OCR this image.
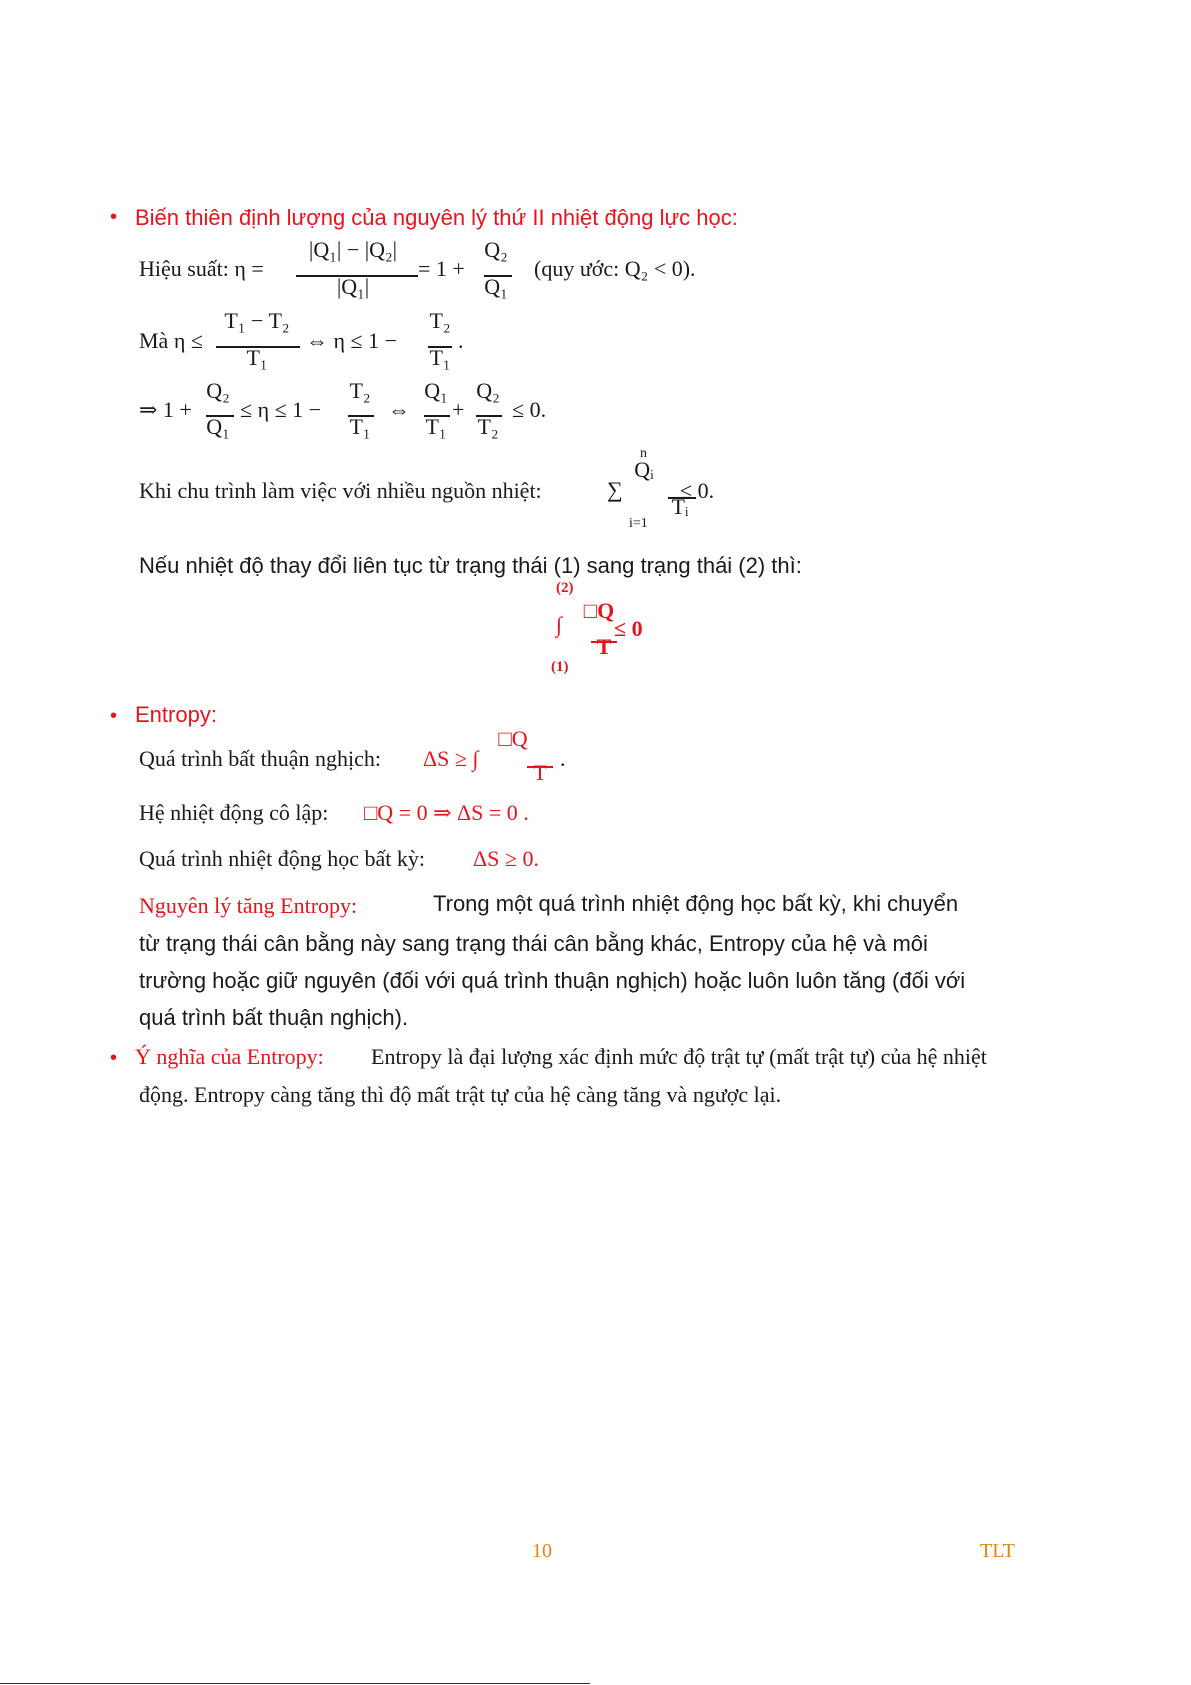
• Biến thiên định lượng của nguyên lý thứ II nhiệt động lực học:
Hiệu suất: η =
|Q₁| − |Q₂|
|Q₁|
= 1 +
Q₂
Q₁
(quy ước: Q₂ < 0).
Mà η ≤
T₁ − T₂
T₁
⇔ η ≤ 1 −
T₂
T₁
.
⇒ 1 +
Q₂
Q₁
≤ η ≤ 1 −
T₂
T₁
⇔
Q₁
T₁
+
Q₂
T₂
≤ 0.
Khi chu trình làm việc với nhiều nguồn nhiệt:	∑
n
i=1
Qᵢ
Tᵢ
≤ 0.
Nếu nhiệt độ thay đổi liên tục từ trạng thái (1) sang trạng thái (2) thì:
(2)
∫
(1)
□Q
T
≤ 0
• Entropy:
Quá trình bất thuận nghịch: ΔS ≥ ∫
□Q
T
.
Hệ nhiệt động cô lập: □Q = 0 ⇒ ΔS = 0 .
Quá trình nhiệt động học bất kỳ: ΔS ≥ 0.
Nguyên lý tăng Entropy:	Trong một quá trình nhiệt động học bất kỳ, khi chuyển
từ trạng thái cân bằng này sang trạng thái cân bằng khác, Entropy của hệ và môi
trường hoặc giữ nguyên (đối với quá trình thuận nghịch) hoặc luôn luôn tăng (đối với
quá trình bất thuận nghịch).
• Ý nghĩa của Entropy: Entropy là đại lượng xác định mức độ trật tự (mất trật tự) của hệ nhiệt
động. Entropy càng tăng thì độ mất trật tự của hệ càng tăng và ngược lại.
10	TLT
